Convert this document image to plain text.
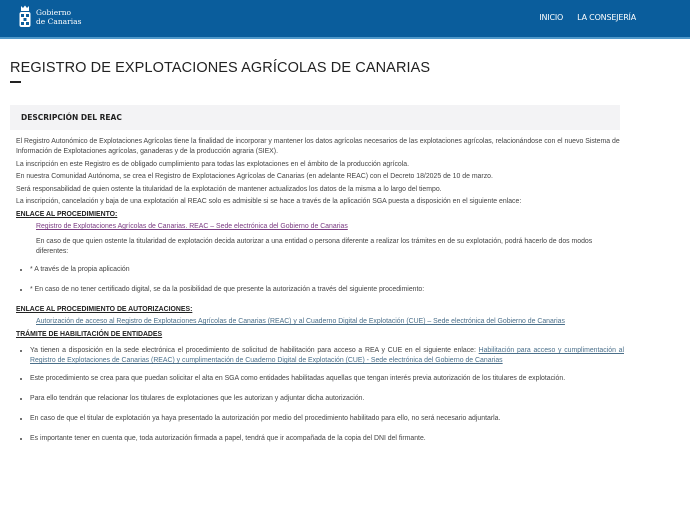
Gobierno
de Canarias	INICIO LA CONSEJERÍA
REGISTRO DE EXPLOTACIONES AGRÍCOLAS DE CANARIAS
DESCRIPCIÓN DEL REAC

El Registro Autonómico de Explotaciones Agrícolas tiene la finalidad de incorporar y mantener los datos agrícolas necesarios de las explotaciones agrícolas, relacionándose con el nuevo Sistema de Información de Explotaciones agrícolas, ganaderas y de la producción agraria (SIEX).

La inscripción en este Registro es de obligado cumplimiento para todas las explotaciones en el ámbito de la producción agrícola.

En nuestra Comunidad Autónoma, se crea el Registro de Explotaciones Agrícolas de Canarias (en adelante REAC) con el Decreto 18/2025 de 10 de marzo.

Será responsabilidad de quien ostente la titularidad de la explotación de mantener actualizados los datos de la misma a lo largo del tiempo.

La inscripción, cancelación y baja de una explotación al REAC solo es admisible si se hace a través de la aplicación SGA puesta a disposición en el siguiente enlace:

ENLACE AL PROCEDIMIENTO:

Registro de Explotaciones Agrícolas de Canarias. REAC – Sede electrónica del Gobierno de Canarias

En caso de que quien ostente la titularidad de explotación decida autorizar a una entidad o persona diferente a realizar los trámites en de su explotación, podrá hacerlo de dos modos diferentes:

• * A través de la propia aplicación
• * En caso de no tener certificado digital, se da la posibilidad de que presente la autorización a través del siguiente procedimiento:
ENLACE AL PROCEDIMIENTO DE AUTORIZACIONES:

Autorización de acceso al Registro de Explotaciones Agrícolas de Canarias (REAC) y al Cuaderno Digital de Explotación (CUE) – Sede electrónica del Gobierno de Canarias

TRÁMITE DE HABILITACIÓN DE ENTIDADES
• Ya tienen a disposición en la sede electrónica el procedimiento de solicitud de habilitación para acceso a REA y CUE en el siguiente enlace: Habilitación para acceso y cumplimentación al Registro de Explotaciones de Canarias (REAC) y cumplimentación de Cuaderno Digital de Explotación (CUE) - Sede electrónica del Gobierno de Canarias
• Este procedimiento se crea para que puedan solicitar el alta en SGA como entidades habilitadas aquellas que tengan interés previa autorización de los titulares de explotación.
• Para ello tendrán que relacionar los titulares de explotaciones que les autorizan y adjuntar dicha autorización.
• En caso de que el titular de explotación ya haya presentado la autorización por medio del procedimiento habilitado para ello, no será necesario adjuntarla.
• Es importante tener en cuenta que, toda autorización firmada a papel, tendrá que ir acompañada de la copia del DNI del firmante.
